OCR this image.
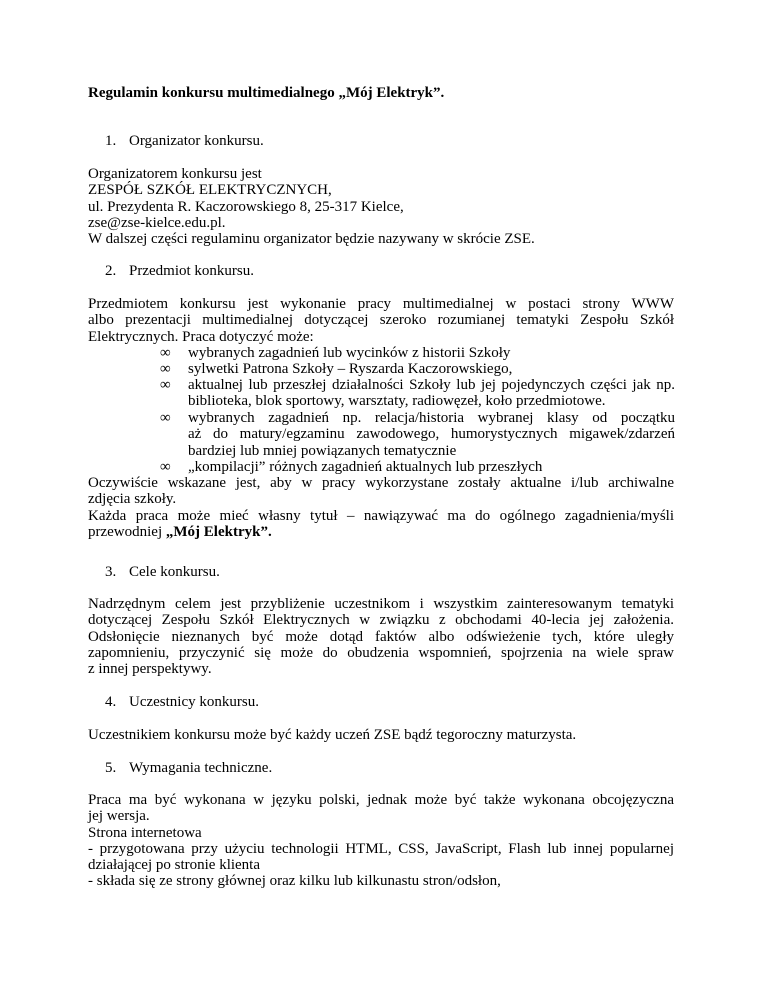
Regulamin konkursu multimedialnego „Mój Elektryk”.
1. Organizator konkursu.
Organizatorem konkursu jest
ZESPÓŁ SZKÓŁ ELEKTRYCZNYCH,
ul. Prezydenta R. Kaczorowskiego 8, 25-317 Kielce,
zse@zse-kielce.edu.pl.
W dalszej części regulaminu organizator będzie nazywany w skrócie ZSE.
2. Przedmiot konkursu.
Przedmiotem konkursu jest wykonanie pracy multimedialnej w postaci strony WWW
albo prezentacji multimedialnej dotyczącej szeroko rozumianej tematyki Zespołu Szkół
Elektrycznych. Praca dotyczyć może:
∞	wybranych zagadnień lub wycinków z historii Szkoły
∞	sylwetki Patrona Szkoły – Ryszarda Kaczorowskiego,
∞	aktualnej lub przeszłej działalności Szkoły lub jej pojedynczych części jak np.
biblioteka, blok sportowy, warsztaty, radiowęzeł, koło przedmiotowe.
∞	wybranych zagadnień np. relacja/historia wybranej klasy od początku
aż do matury/egzaminu zawodowego, humorystycznych migawek/zdarzeń
bardziej lub mniej powiązanych tematycznie
∞	„kompilacji” różnych zagadnień aktualnych lub przeszłych
Oczywiście wskazane jest, aby w pracy wykorzystane zostały aktualne i/lub archiwalne
zdjęcia szkoły.
Każda praca może mieć własny tytuł – nawiązywać ma do ogólnego zagadnienia/myśli
przewodniej „Mój Elektryk”.
3. Cele konkursu.
Nadrzędnym celem jest przybliżenie uczestnikom i wszystkim zainteresowanym tematyki
dotyczącej Zespołu Szkół Elektrycznych w związku z obchodami 40-lecia jej założenia.
Odsłonięcie nieznanych być może dotąd faktów albo odświeżenie tych, które uległy
zapomnieniu, przyczynić się może do obudzenia wspomnień, spojrzenia na wiele spraw
z innej perspektywy.
4. Uczestnicy konkursu.
Uczestnikiem konkursu może być każdy uczeń ZSE bądź tegoroczny maturzysta.
5. Wymagania techniczne.
Praca ma być wykonana w języku polski, jednak może być także wykonana obcojęzyczna
jej wersja.
Strona internetowa
- przygotowana przy użyciu technologii HTML, CSS, JavaScript, Flash lub innej popularnej
działającej po stronie klienta
- składa się ze strony głównej oraz kilku lub kilkunastu stron/odsłon,
